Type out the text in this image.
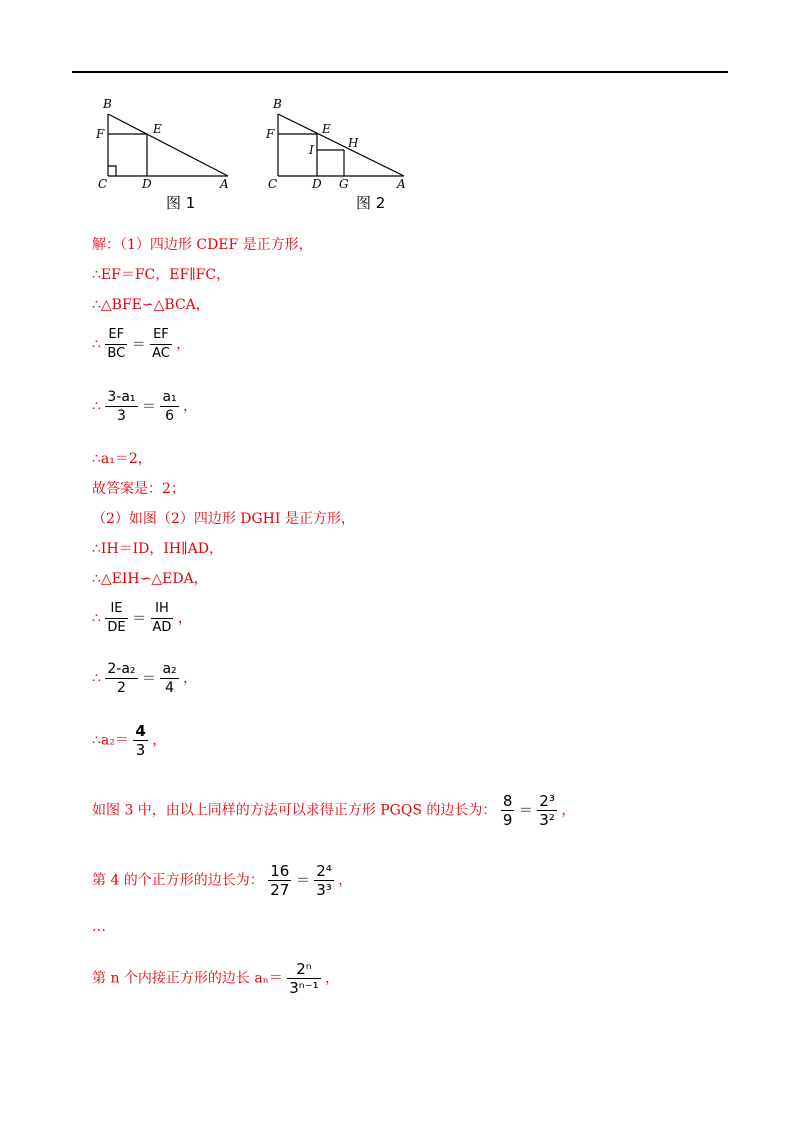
B
F	E
C	D	A
图 1
B
F	E
H
I
C	D G	A
图 2
解：（1）四边形 CDEF 是正方形，
∴EF＝FC，EF∥FC，
∴△BFE∽△BCA，
∴ $\frac{EF}{BC} = \frac{EF}{AC}$ ，
∴ $\frac{\text{3-a₁}}{3} = \frac{\text{a₁}}{6}$ ，
∴a₁＝2，
故答案是：2；
（2）如图（2）四边形 DGHI 是正方形，
∴IH＝ID，IH∥AD，
∴△EIH∽△EDA，
∴ $\frac{IE}{DE} = \frac{IH}{AD}$ ，
∴ $\frac{\text{2-a₂}}{2} = \frac{\text{a₂}}{4}$ ，
∴a₂＝ $\frac{4}{3}$ ，
如图 3 中，由以上同样的方法可以求得正方形 PGQS 的边长为： $\frac{8}{9} = \frac{\text{2³}}{\text{3²}}$ ，
第 4 的个正方形的边长为： $\frac{16}{27} = \frac{\text{2⁴}}{\text{3³}}$ ，
…
第 n 个内接正方形的边长 $a_n= \frac{\text{2ⁿ}}{\text{3ⁿ⁻¹}}$ ，
